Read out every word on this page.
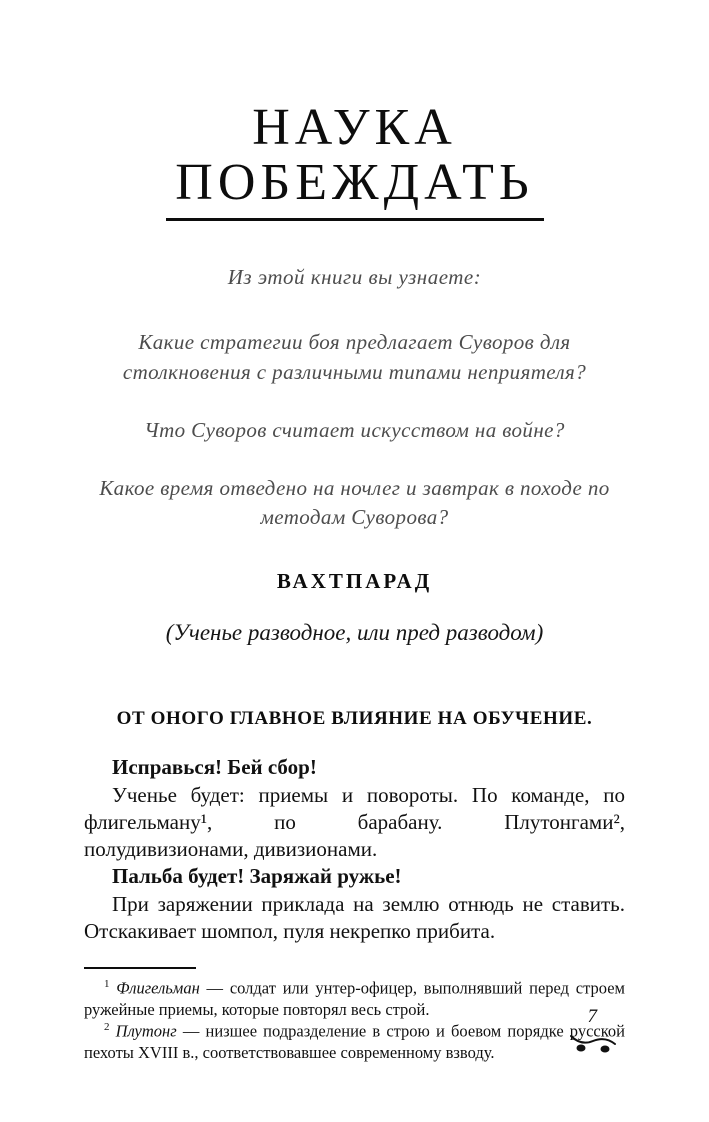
НАУКА
ПОБЕЖДАТЬ
Из этой книги вы узнаете:
Какие стратегии боя предлагает Суворов для столкновения с различными типами неприятеля?
Что Суворов считает искусством на войне?
Какое время отведено на ночлег и завтрак в походе по методам Суворова?
ВАХТПАРАД
(Ученье разводное, или пред разводом)
ОТ ОНОГО ГЛАВНОЕ ВЛИЯНИЕ НА ОБУЧЕНИЕ.

Исправься! Бей сбор!

Ученье будет: приемы и повороты. По команде, по флигельману¹, по барабану. Плутонгами², полудивизионами, дивизионами.

Пальба будет! Заряжай ружье!

При заряжении приклада на землю отнюдь не ставить. Отскакивает шомпол, пуля некрепко прибита.

$^1$ Флигельман — солдат или унтер-офицер, выполнявший перед строем ружейные приемы, которые повторял весь строй.

$^2$ Плутонг — низшее подразделение в строю и боевом порядке русской пехоты XVIII в., соответствовавшее современному взводу.

7
